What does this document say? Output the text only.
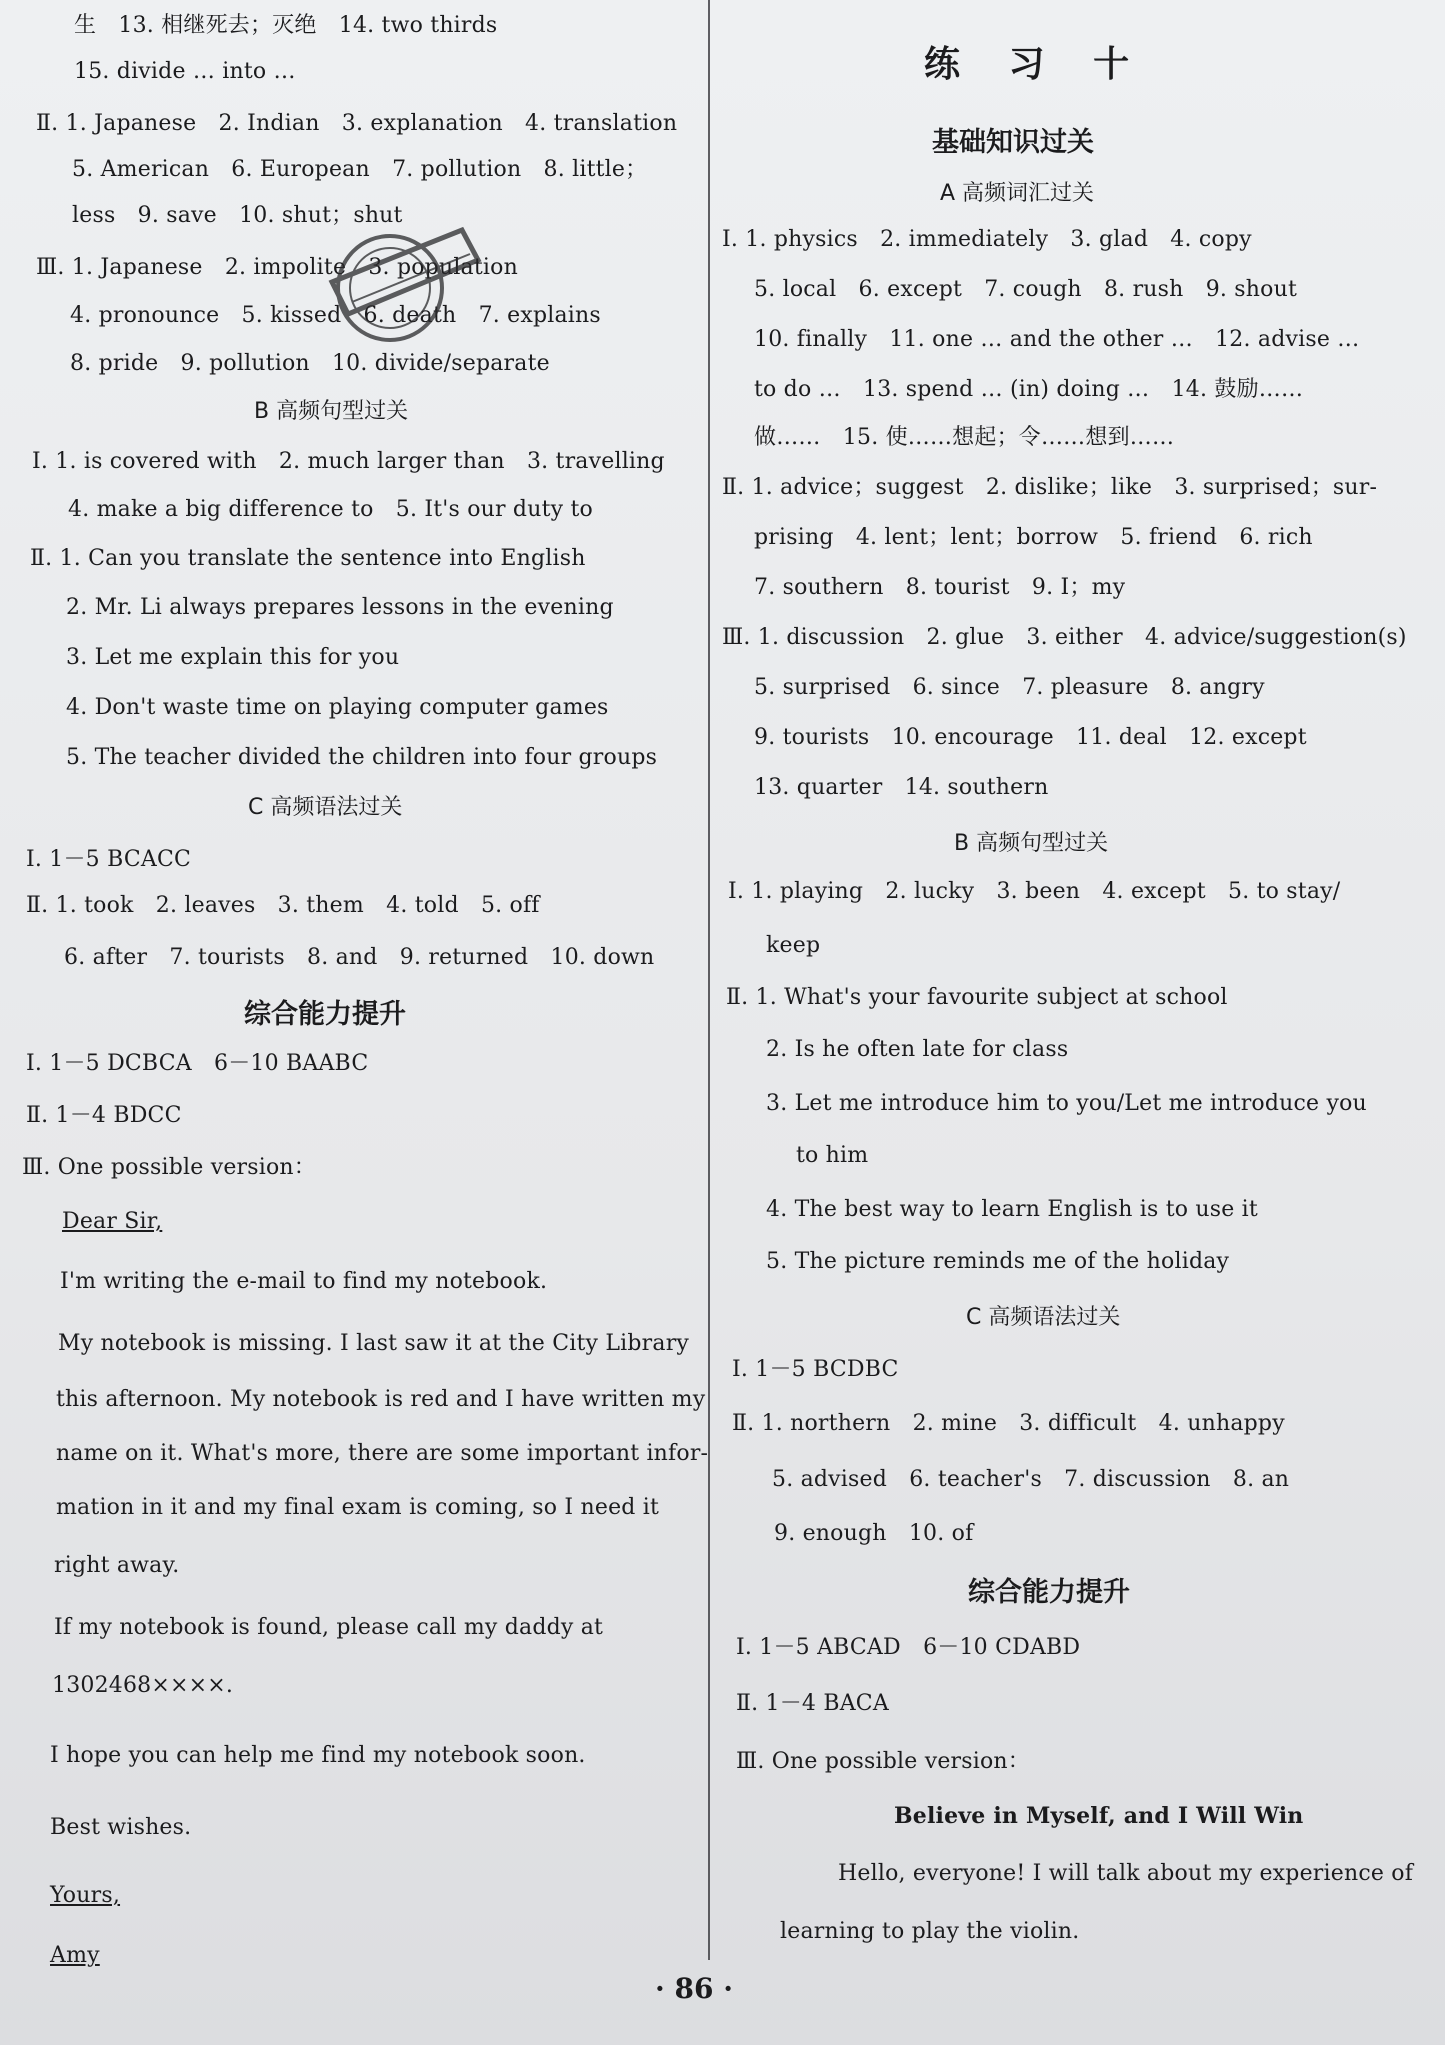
生　13. 相继死去；灭绝　14. two thirds
15. divide … into …
Ⅱ. 1. Japanese　2. Indian　3. explanation　4. translation
5. American　6. European　7. pollution　8. little；
less　9. save　10. shut；shut
Ⅲ. 1. Japanese　2. impolite　3. population
4. pronounce　5. kissed　6. death　7. explains
8. pride　9. pollution　10. divide/separate
B 高频句型过关
Ⅰ. 1. is covered with　2. much larger than　3. travelling
4. make a big difference to　5. It's our duty to
Ⅱ. 1. Can you translate the sentence into English
2. Mr. Li always prepares lessons in the evening
3. Let me explain this for you
4. Don't waste time on playing computer games
5. The teacher divided the children into four groups
C 高频语法过关
Ⅰ. 1－5 BCACC
Ⅱ. 1. took　2. leaves　3. them　4. told　5. off
6. after　7. tourists　8. and　9. returned　10. down
综合能力提升
Ⅰ. 1－5 DCBCA　6－10 BAABC
Ⅱ. 1－4 BDCC
Ⅲ. One possible version：
Dear Sir,
I'm writing the e-mail to find my notebook.
My notebook is missing. I last saw it at the City Library
this afternoon. My notebook is red and I have written my
name on it. What's more, there are some important infor-
mation in it and my final exam is coming, so I need it
right away.
If my notebook is found, please call my daddy at
1302468××××.
I hope you can help me find my notebook soon.
Best wishes.
Yours,
Amy
练 习 十
基础知识过关
A 高频词汇过关
Ⅰ. 1. physics　2. immediately　3. glad　4. copy
5. local　6. except　7. cough　8. rush　9. shout
10. finally　11. one … and the other …　12. advise …
to do …　13. spend … (in) doing …　14. 鼓励……
做……　15. 使……想起；令……想到……
Ⅱ. 1. advice；suggest　2. dislike；like　3. surprised；sur-
prising　4. lent；lent；borrow　5. friend　6. rich
7. southern　8. tourist　9. I；my
Ⅲ. 1. discussion　2. glue　3. either　4. advice/suggestion(s)
5. surprised　6. since　7. pleasure　8. angry
9. tourists　10. encourage　11. deal　12. except
13. quarter　14. southern
B 高频句型过关
Ⅰ. 1. playing　2. lucky　3. been　4. except　5. to stay/
keep
Ⅱ. 1. What's your favourite subject at school
2. Is he often late for class
3. Let me introduce him to you/Let me introduce you
to him
4. The best way to learn English is to use it
5. The picture reminds me of the holiday
C 高频语法过关
Ⅰ. 1－5 BCDBC
Ⅱ. 1. northern　2. mine　3. difficult　4. unhappy
5. advised　6. teacher's　7. discussion　8. an
9. enough　10. of
综合能力提升
Ⅰ. 1－5 ABCAD　6－10 CDABD
Ⅱ. 1－4 BACA
Ⅲ. One possible version：
Believe in Myself, and I Will Win
Hello, everyone! I will talk about my experience of
learning to play the violin.
· 86 ·
